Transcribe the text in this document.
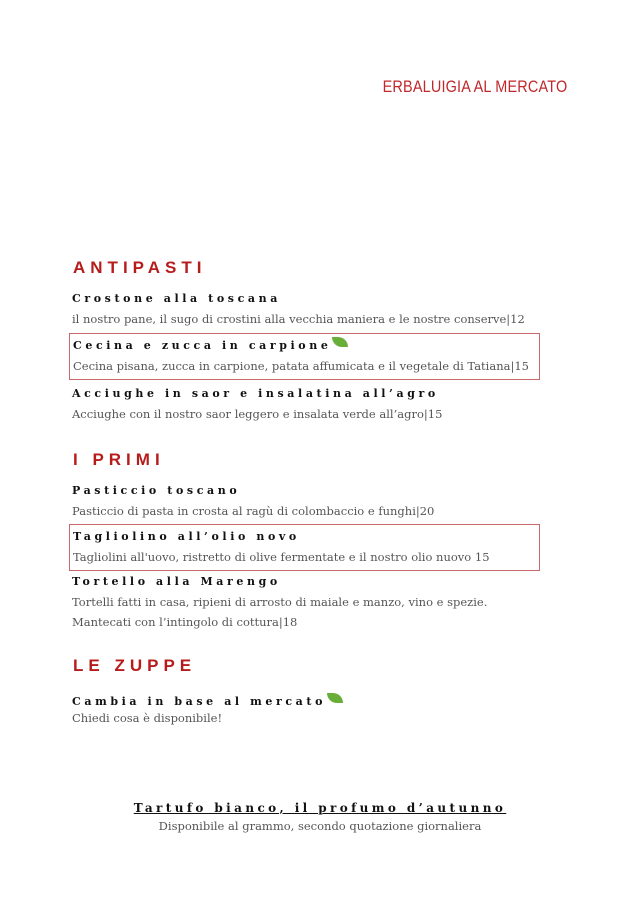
ERBALUIGIA AL MERCATO
ANTIPASTI
Crostone alla toscana
il nostro pane, il sugo di crostini alla vecchia maniera e le nostre conserve|12
Cecina e zucca in carpione
Cecina pisana, zucca in carpione, patata affumicata e il vegetale di Tatiana|15
Acciughe in saor e insalatina all’agro
Acciughe con il nostro saor leggero e insalata verde all’agro|15
I PRIMI
Pasticcio toscano
Pasticcio di pasta in crosta al ragù di colombaccio e funghi|20
Tagliolino all’olio novo
Tagliolini all'uovo, ristretto di olive fermentate e il nostro olio nuovo 15
Tortello alla Marengo
Tortelli fatti in casa, ripieni di arrosto di maiale e manzo, vino e spezie. Mantecati con l’intingolo di cottura|18
LE ZUPPE
Cambia in base al mercato
Chiedi cosa è disponibile!
Tartufo bianco, il profumo d’autunno
Disponibile al grammo, secondo quotazione giornaliera
